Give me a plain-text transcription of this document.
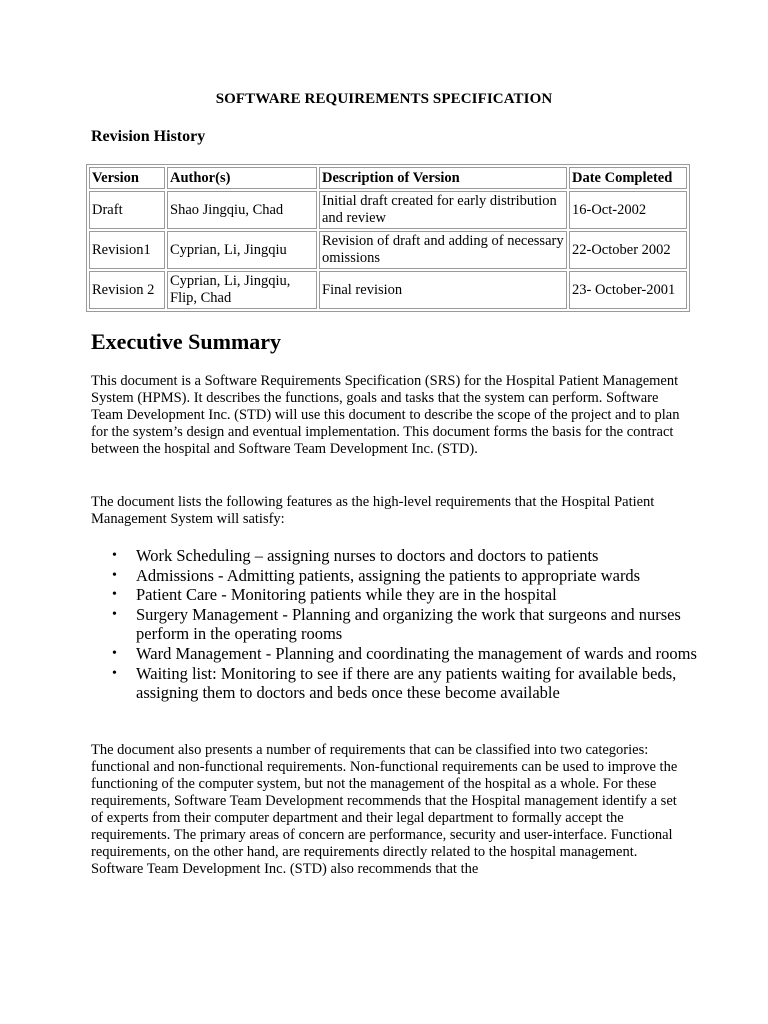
SOFTWARE REQUIREMENTS SPECIFICATION
Revision History
Version	Author(s)	Description of Version	Date Completed
Draft	Shao Jingqiu, Chad	Initial draft created for early distribution and review	16-Oct-2002
Revision1	Cyprian, Li, Jingqiu	Revision of draft and adding of necessary omissions	22-October 2002
Revision 2	Cyprian, Li, Jingqiu, Flip, Chad	Final revision	23- October-2001
Executive Summary
This document is a Software Requirements Specification (SRS) for the Hospital Patient Management System (HPMS). It describes the functions, goals and tasks that the system can perform. Software Team Development Inc. (STD) will use this document to describe the scope of the project and to plan for the system’s design and eventual implementation. This document forms the basis for the contract between the hospital and Software Team Development Inc. (STD).
The document lists the following features as the high-level requirements that the Hospital Patient Management System will satisfy:
• Work Scheduling – assigning nurses to doctors and doctors to patients
• Admissions - Admitting patients, assigning the patients to appropriate wards
• Patient Care - Monitoring patients while they are in the hospital
• Surgery Management - Planning and organizing the work that surgeons and nurses perform in the operating rooms
• Ward Management - Planning and coordinating the management of wards and rooms
• Waiting list: Monitoring to see if there are any patients waiting for available beds, assigning them to doctors and beds once these become available
The document also presents a number of requirements that can be classified into two categories: functional and non-functional requirements. Non-functional requirements can be used to improve the functioning of the computer system, but not the management of the hospital as a whole. For these requirements, Software Team Development recommends that the Hospital management identify a set of experts from their computer department and their legal department to formally accept the requirements. The primary areas of concern are performance, security and user-interface. Functional requirements, on the other hand, are requirements directly related to the hospital management. Software Team Development Inc. (STD) also recommends that the
